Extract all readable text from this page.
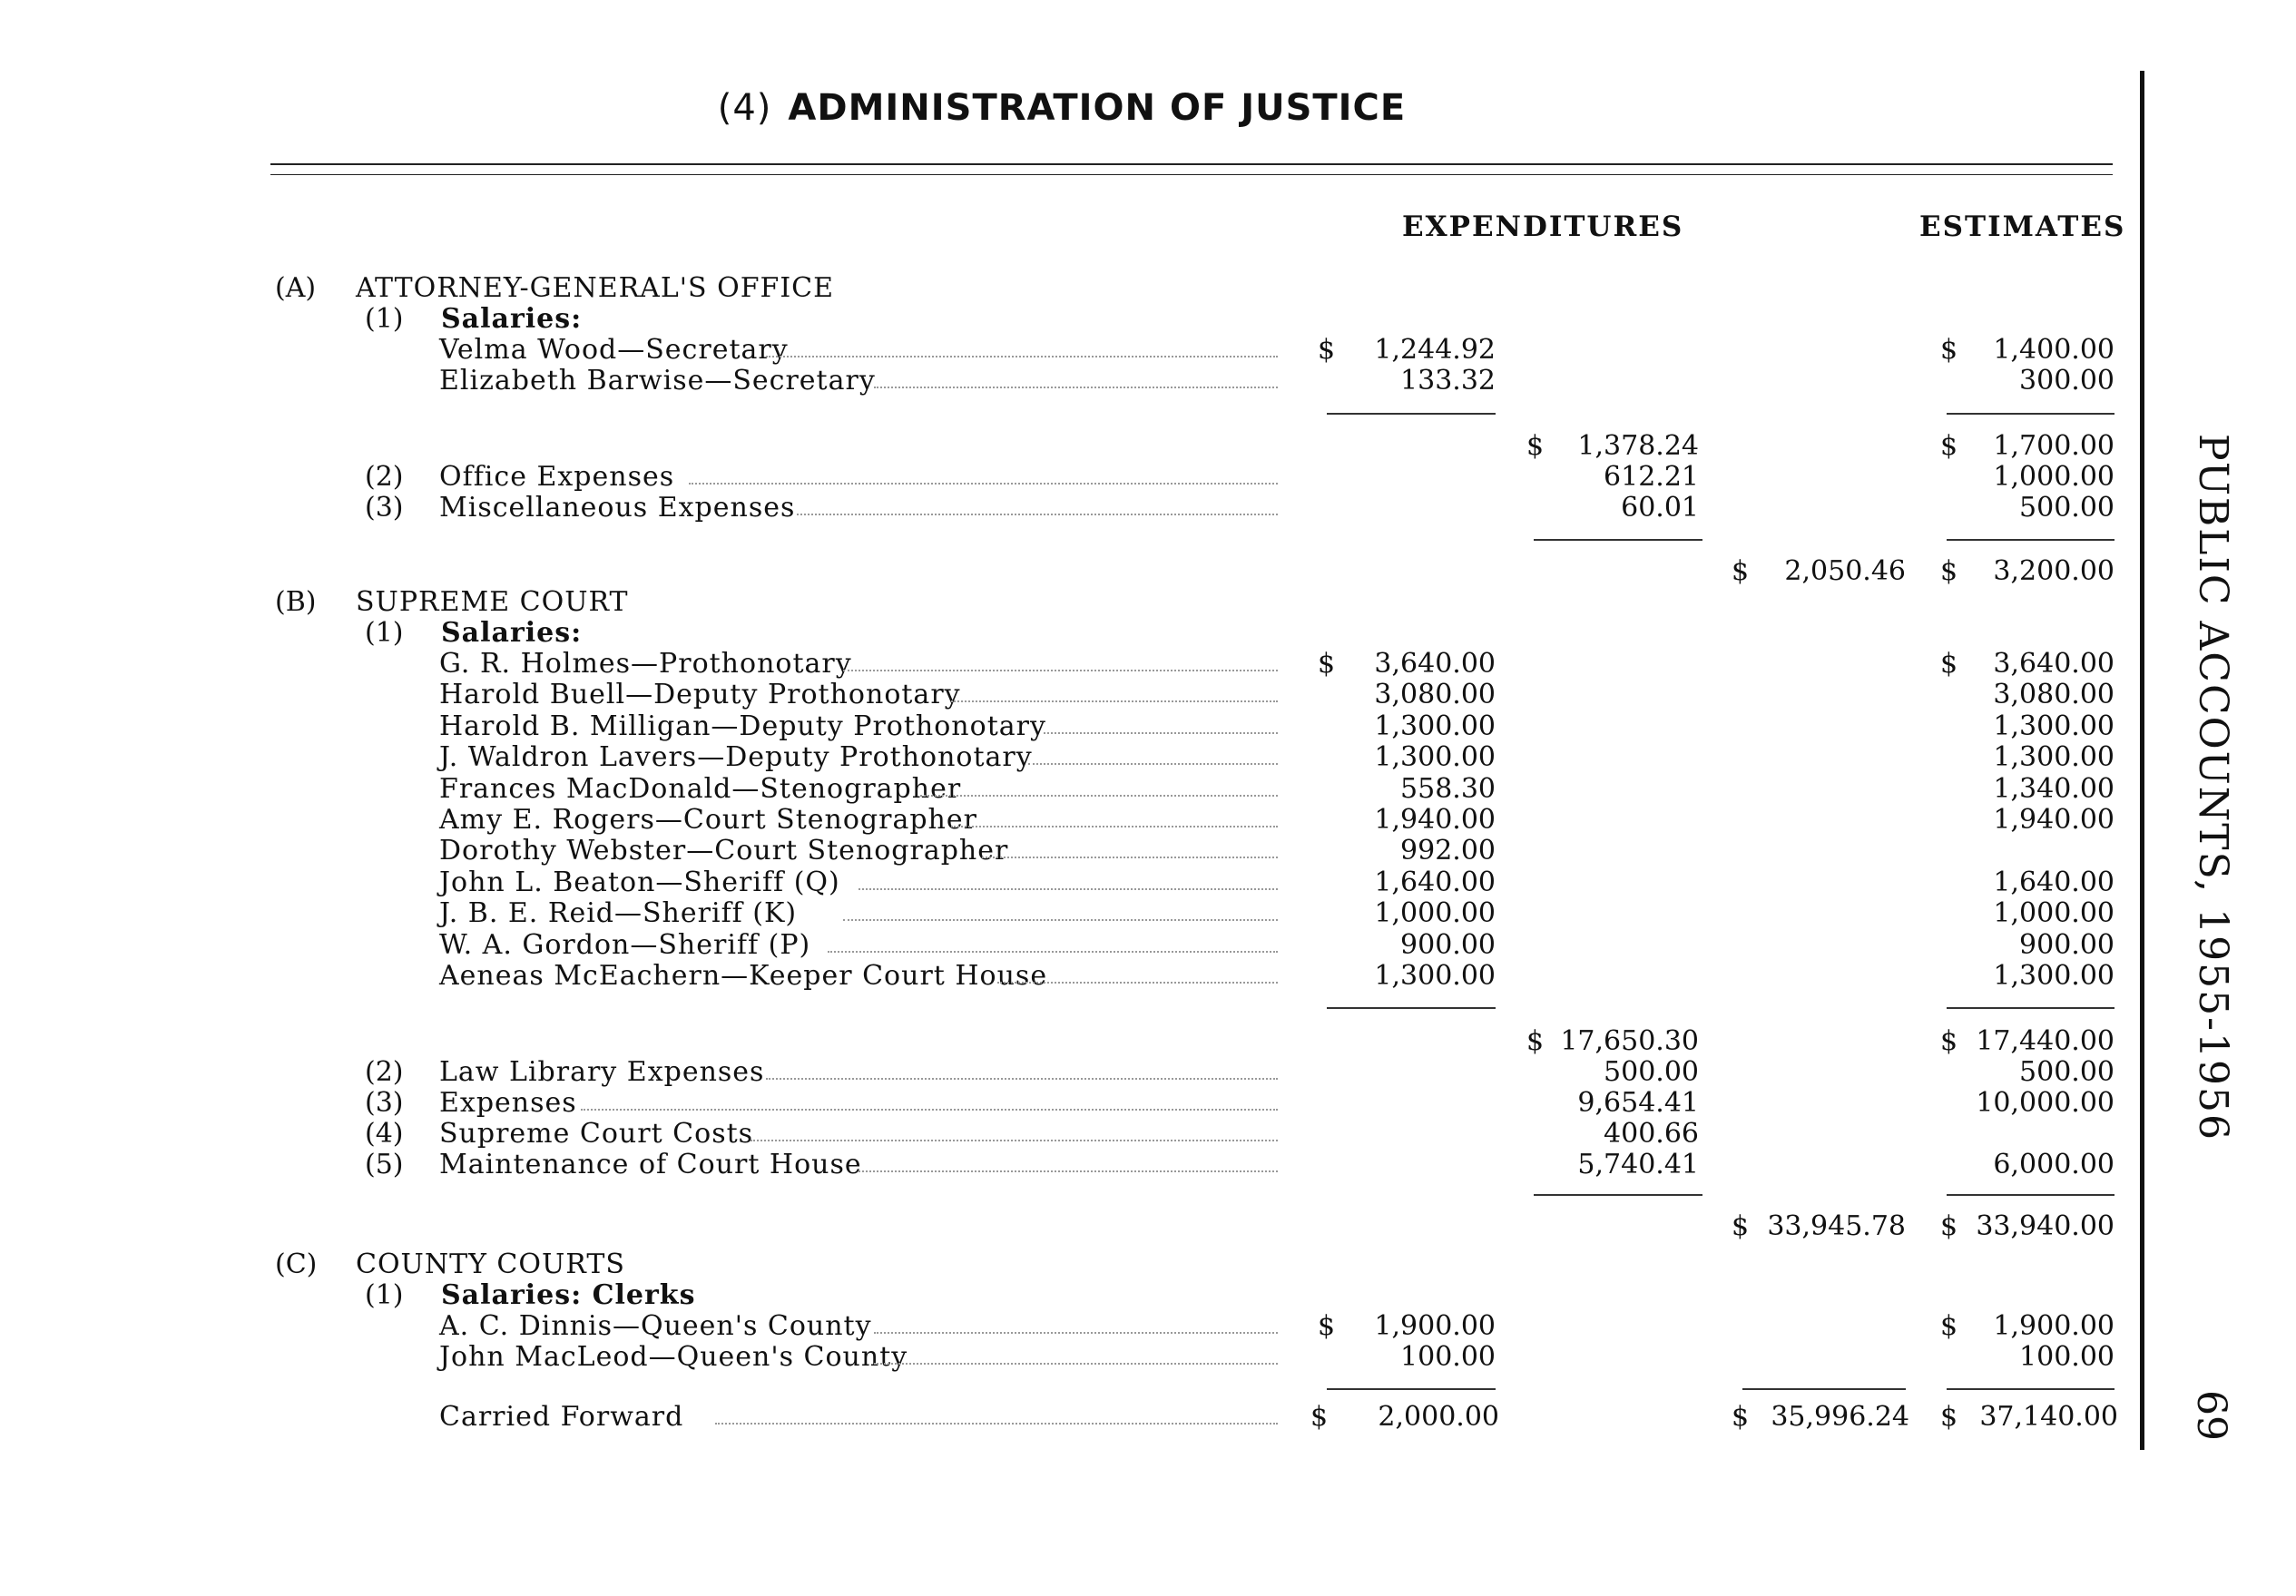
(4) ADMINISTRATION OF JUSTICE
PUBLIC ACCOUNTS, 1955-1956
69
EXPENDITURES	ESTIMATES
(A) ATTORNEY-GENERAL'S OFFICE
(1) Salaries:
Velma Wood—Secretary	$ 1,244.92	$ 1,400.00
Elizabeth Barwise—Secretary	133.32	300.00
$ 1,378.24	$ 1,700.00
(2) Office Expenses	612.21	1,000.00
(3) Miscellaneous Expenses	60.01	500.00
$ 2,050.46 $ 3,200.00
(B) SUPREME COURT
(1) Salaries:
G. R. Holmes—Prothonotary	$ 3,640.00	$ 3,640.00
Harold Buell—Deputy Prothonotary	3,080.00	3,080.00
Harold B. Milligan—Deputy Prothonotary	1,300.00	1,300.00
J. Waldron Lavers—Deputy Prothonotary	1,300.00	1,300.00
Frances MacDonald—Stenographer	558.30	1,340.00
Amy E. Rogers—Court Stenographer	1,940.00	1,940.00
Dorothy Webster—Court Stenographer	992.00
John L. Beaton—Sheriff (Q)	1,640.00	1,640.00
J. B. E. Reid—Sheriff (K)	1,000.00	1,000.00
W. A. Gordon—Sheriff (P)	900.00	900.00
Aeneas McEachern—Keeper Court House	1,300.00	1,300.00
$ 17,650.30	$ 17,440.00
(2) Law Library Expenses	500.00	500.00
(3) Expenses	9,654.41	10,000.00
(4) Supreme Court Costs	400.66
(5) Maintenance of Court House	5,740.41	6,000.00
$ 33,945.78 $ 33,940.00
(C) COUNTY COURTS
(1) Salaries: Clerks
A. C. Dinnis—Queen's County	$ 1,900.00	$ 1,900.00
John MacLeod—Queen's County	100.00	100.00
Carried Forward	$ 2,000.00	$ 35,996.24 $ 37,140.00
